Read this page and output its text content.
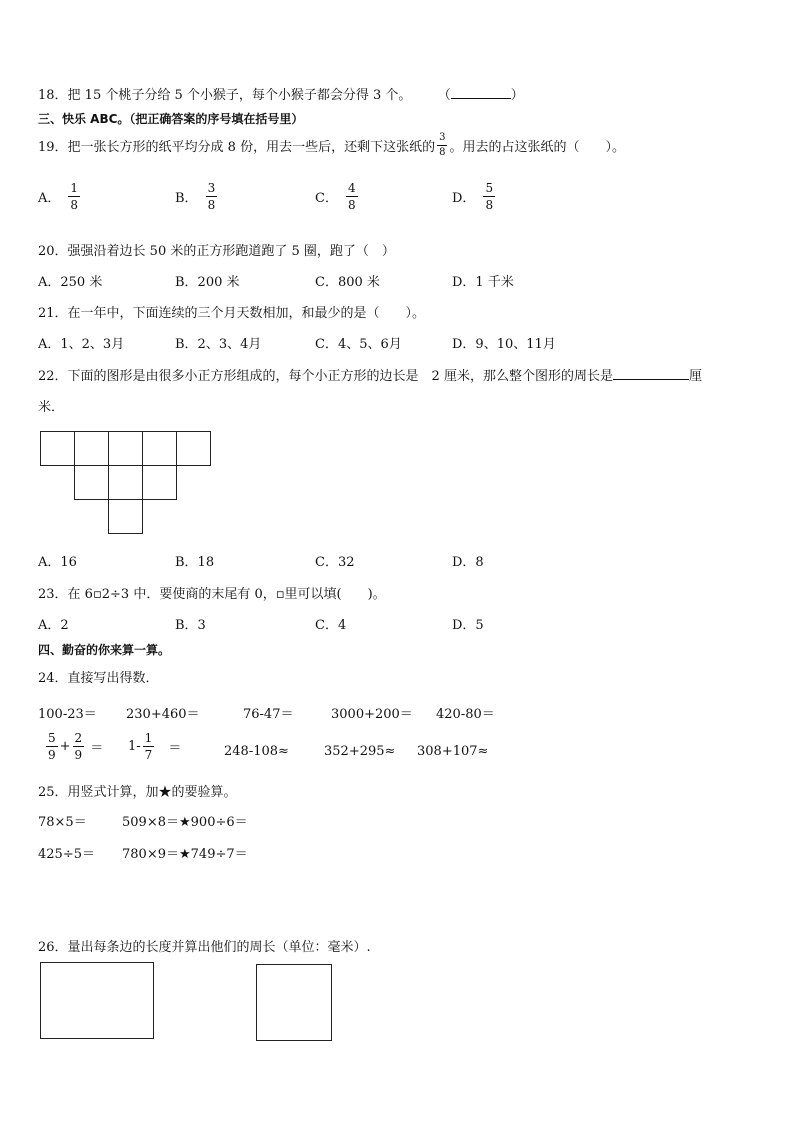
18．把 15 个桃子分给 5 个小猴子，每个小猴子都会分得 3 个。 （	）
三、快乐 ABC。（把正确答案的序号填在括号里）
19．把一张长方形的纸平均分成 8 份，用去一些后，还剩下这张纸的 $\frac{3}{8}$ 。用去的占这张纸的（　　）。
A． $\frac{1}{8}$	B． $\frac{3}{8}$	C． $\frac{4}{8}$	D． $\frac{5}{8}$
20．强强沿着边长 50 米的正方形跑道跑了 5 圈，跑了（　）
A．250 米	B．200 米	C．800 米	D．1 千米
21．在一年中，下面连续的三个月天数相加，和最少的是（　　）。
A．1、2、3月	B．2、3、4月	C．4、5、6月	D．9、10、11月
22．下面的图形是由很多小正方形组成的，每个小正方形的边长是　2 厘米，那么整个图形的周长是	厘
米．
A．16	B．18	C．32	D．8
23．在 6▫2÷3 中．要使商的末尾有 0，▫里可以填(　　)。
A．2	B．3	C．4	D．5
四、勤奋的你来算一算。
24．直接写出得数．
100-23＝ 230+460＝	76-47＝	3000+200＝ 420-80＝
$\frac{5}{9} + \frac{2}{9} = 1- \frac{1}{7}$ ＝	248-108≈	352+295≈ 308+107≈
25．用竖式计算，加★的要验算。
78×5＝	509×8＝ ★900÷6＝
425÷5＝ 780×9＝ ★749÷7＝
26．量出每条边的长度并算出他们的周长（单位：毫米）.
